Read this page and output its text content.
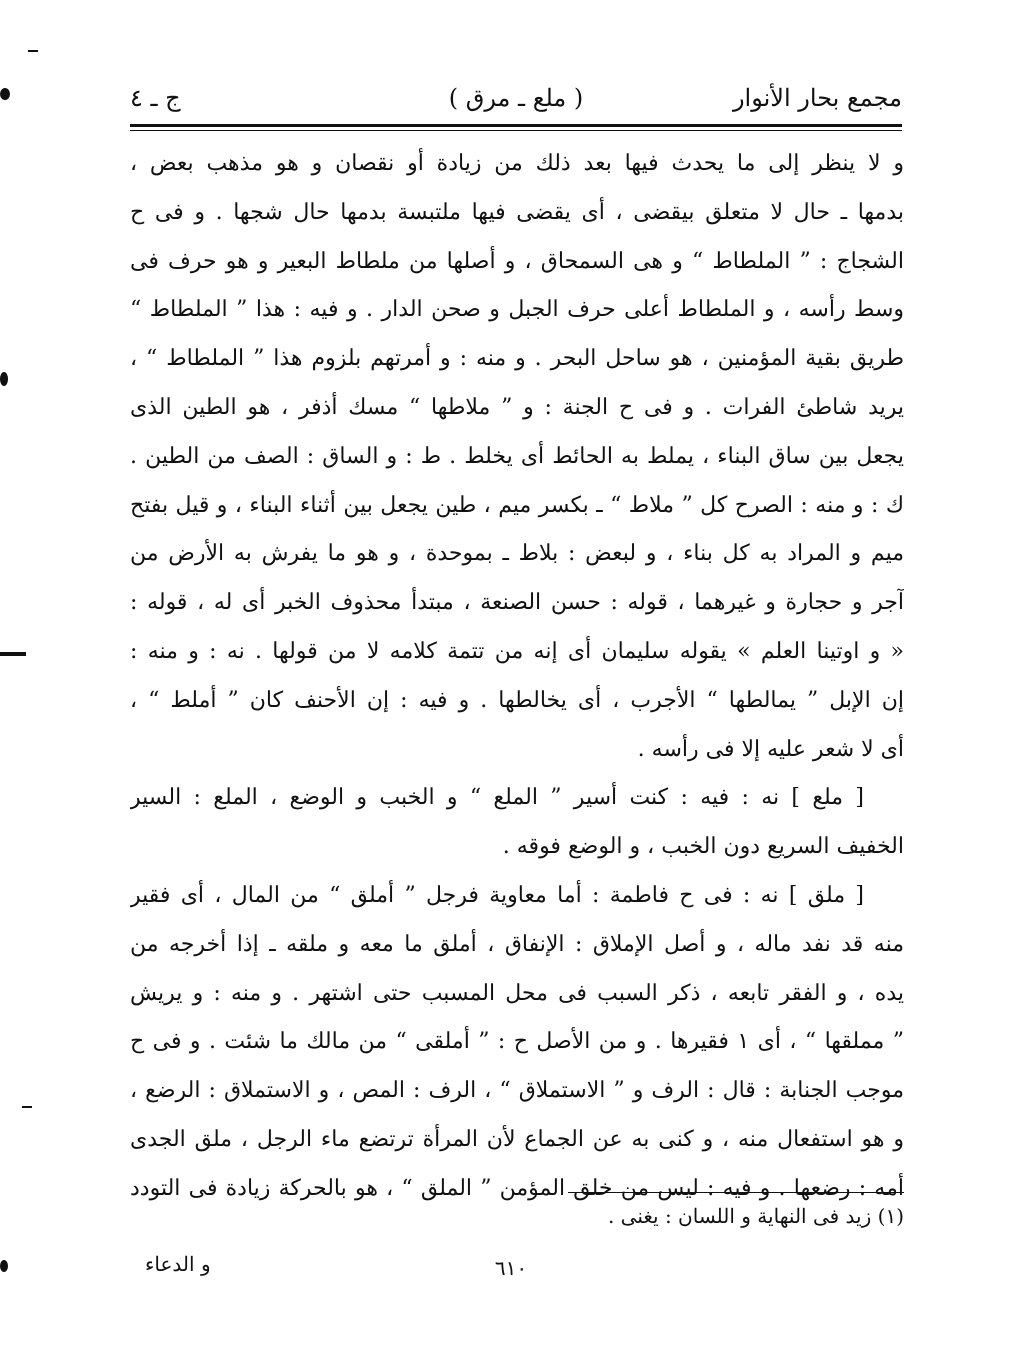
مجمع بحار الأنوار
( ملع ـ مرق )
ج ـ ٤
و لا ينظر إلى ما يحدث فيها بعد ذلك من زيادة أو نقصان و هو مذهب بعض ،
بدمها ـ حال لا متعلق بيقضى ، أى يقضى فيها ملتبسة بدمها حال شجها . و فى ح
الشجاج : ” الملطاط “ و هى السمحاق ، و أصلها من ملطاط البعير و هو حرف فى
وسط رأسه ، و الملطاط أعلى حرف الجبل و صحن الدار . و فيه : هذا ” الملطاط “
طريق بقية المؤمنين ، هو ساحل البحر . و منه : و أمرتهم بلزوم هذا ” الملطاط “ ،
يريد شاطئ الفرات . و فى ح الجنة : و ” ملاطها “ مسك أذفر ، هو الطين الذى
يجعل بين ساق البناء ، يملط به الحائط أى يخلط . ط : و الساق : الصف من الطين .
ك : و منه : الصرح كل ” ملاط “ ـ بكسر ميم ، طين يجعل بين أثناء البناء ، و قيل بفتح
ميم و المراد به كل بناء ، و لبعض : بلاط ـ بموحدة ، و هو ما يفرش به الأرض من
آجر و حجارة و غيرهما ، قوله : حسن الصنعة ، مبتدأ محذوف الخبر أى له ، قوله :
« و اوتينا العلم » يقوله سليمان أى إنه من تتمة كلامه لا من قولها . نه : و منه :
إن الإبل ” يمالطها “ الأجرب ، أى يخالطها . و فيه : إن الأحنف كان ” أملط “ ،
أى لا شعر عليه إلا فى رأسه .
[ ملع ] نه : فيه : كنت أسير ” الملع “ و الخبب و الوضع ، الملع : السير
الخفيف السريع دون الخبب ، و الوضع فوقه .
[ ملق ] نه : فى ح فاطمة : أما معاوية فرجل ” أملق “ من المال ، أى فقير
منه قد نفد ماله ، و أصل الإملاق : الإنفاق ، أملق ما معه و ملقه ـ إذا أخرجه من
يده ، و الفقر تابعه ، ذكر السبب فى محل المسبب حتى اشتهر . و منه : و يريش
” مملقها “ ، أى ١ فقيرها . و من الأصل ح : ” أملقى “ من مالك ما شئت . و فى ح
موجب الجنابة : قال : الرف و ” الاستملاق “ ، الرف : المص ، و الاستملاق : الرضع ،
و هو استفعال منه ، و كنى به عن الجماع لأن المرأة ترتضع ماء الرجل ، ملق الجدى
أمه : رضعها . و فيه : ليس من خلق المؤمن ” الملق “ ، هو بالحركة زيادة فى التودد
(١) زيد فى النهاية و اللسان : يغنى .
و الدعاء	٦١٠
